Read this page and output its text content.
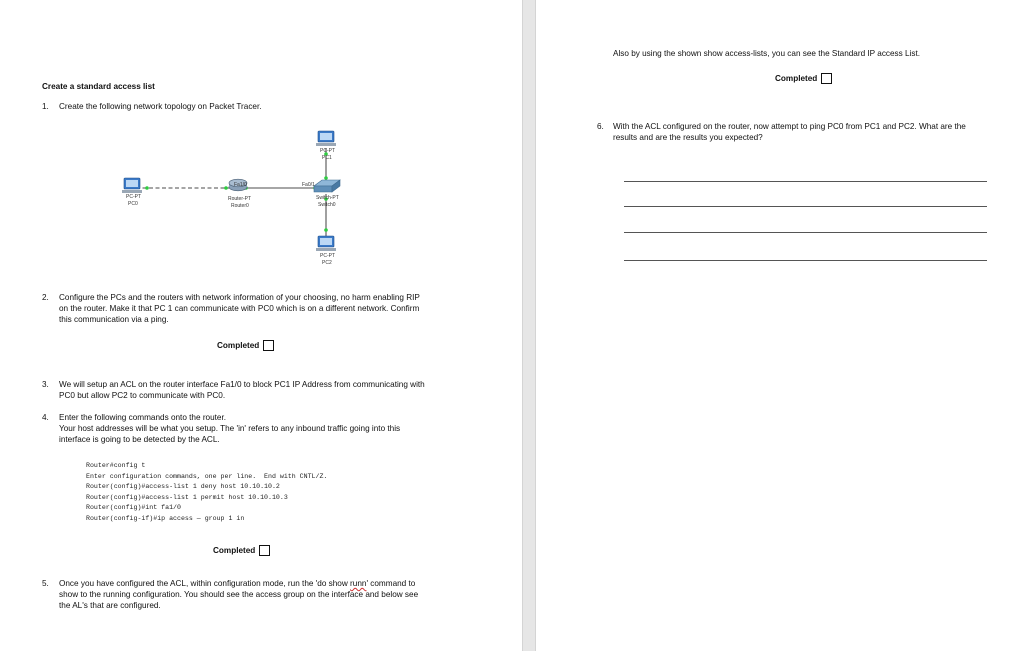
Create a standard access list
1. Create the following network topology on Packet Tracer.
PC-PT
PC0
Fa1/0
Router-PT
Router0
Fa0/1
Switch-PT
Switch0
PC-PT
PC1
PC-PT
PC2
2. Configure the PCs and the routers with network information of your choosing, no harm enabling RIP
on the router. Make it that PC 1 can communicate with PC0 which is on a different network. Confirm
this communication via a ping.
Completed
3. We will setup an ACL on the router interface Fa1/0 to block PC1 IP Address from communicating with
PC0 but allow PC2 to communicate with PC0.
4. Enter the following commands onto the router.
Your host addresses will be what you setup. The 'in' refers to any inbound traffic going into this
interface is going to be detected by the ACL.
Router#config t
Enter configuration commands, one per line.  End with CNTL/Z.
Router(config)#access-list 1 deny host 10.10.10.2
Router(config)#access-list 1 permit host 10.10.10.3
Router(config)#int fa1/0
Router(config-if)#ip access — group 1 in
Completed
5. Once you have configured the ACL, within configuration mode, run the 'do show runn' command to
show to the running configuration. You should see the access group on the interface and below see
the AL's that are configured.
Also by using the shown show access-lists, you can see the Standard IP access List.
Completed
6. With the ACL configured on the router, now attempt to ping PC0 from PC1 and PC2. What are the
results and are the results you expected?
